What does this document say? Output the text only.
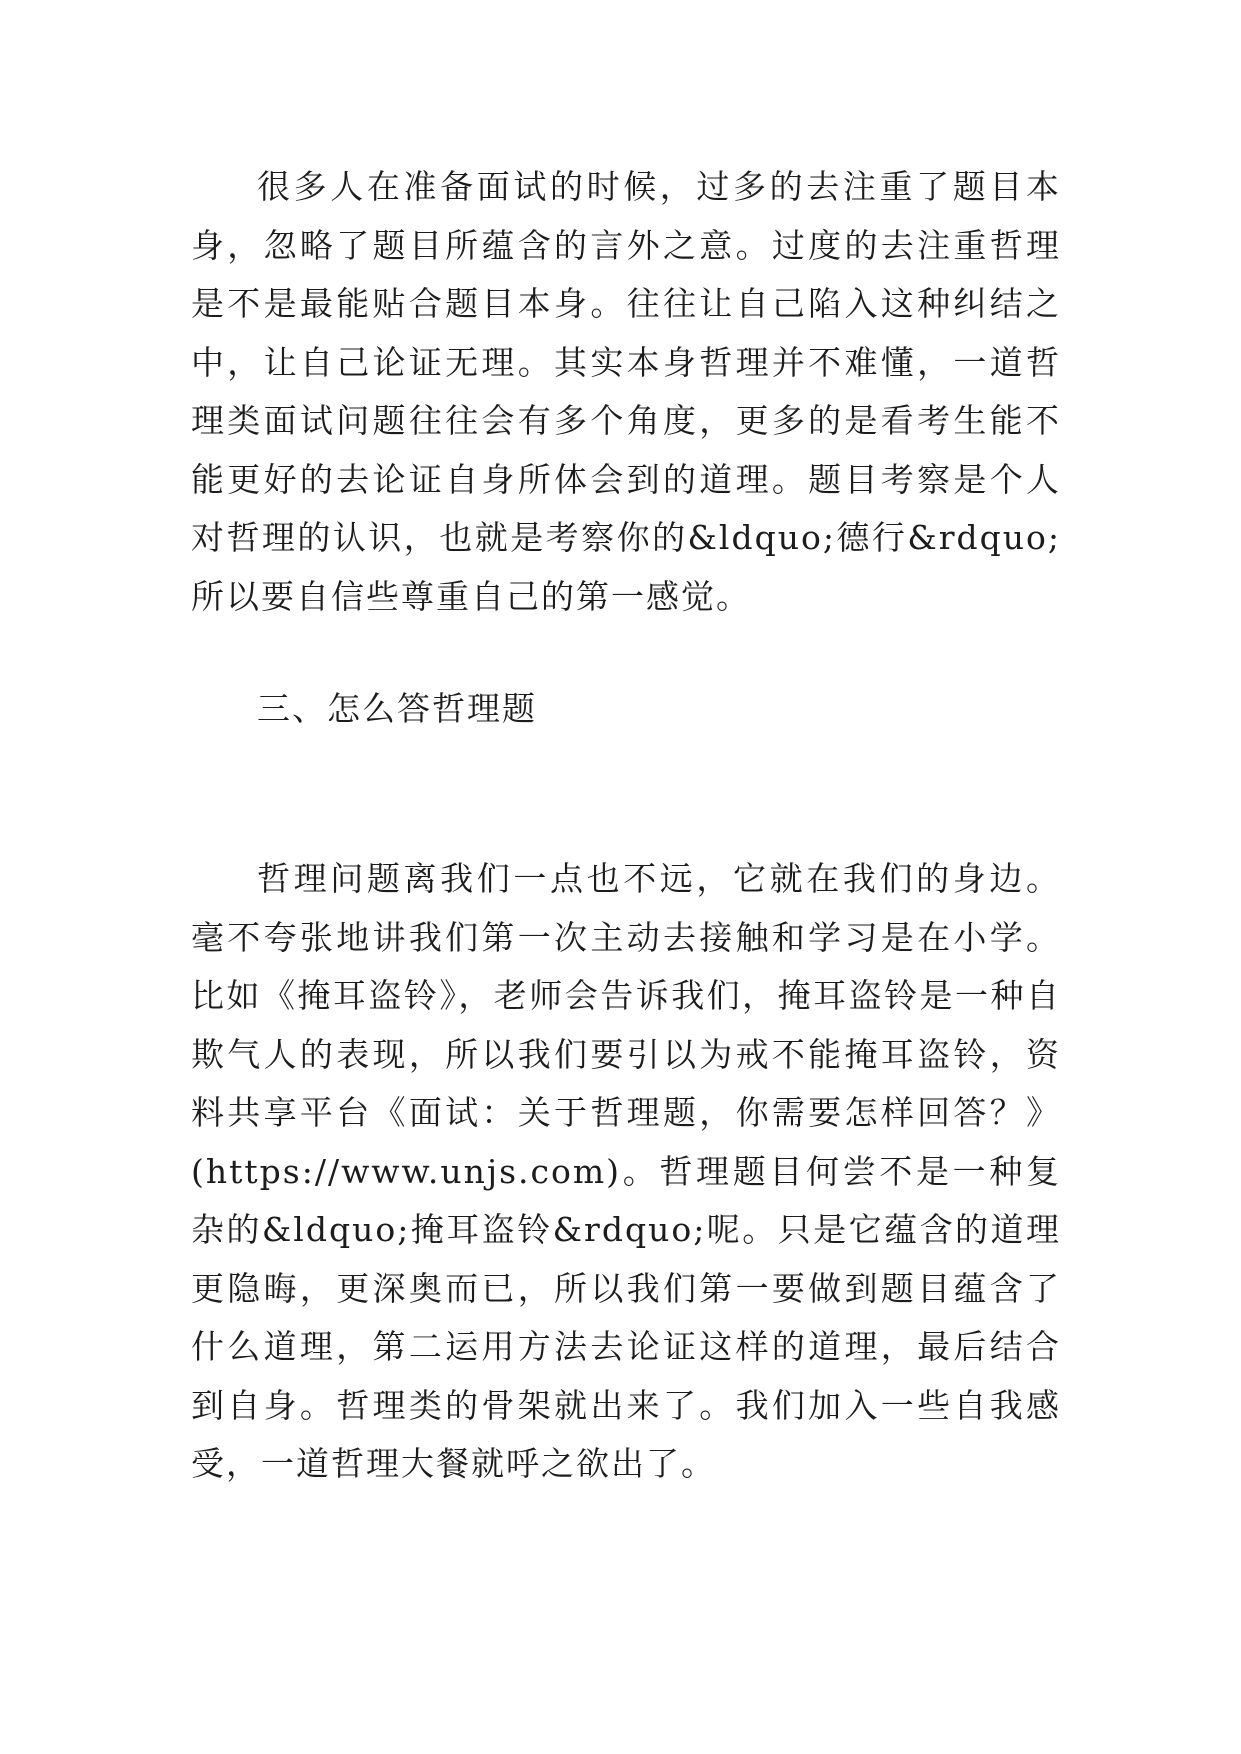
很多人在准备面试的时候，过多的去注重了题目本身，忽略了题目所蕴含的言外之意。过度的去注重哲理是不是最能贴合题目本身。往往让自己陷入这种纠结之中，让自己论证无理。其实本身哲理并不难懂，一道哲理类面试问题往往会有多个角度，更多的是看考生能不能更好的去论证自身所体会到的道理。题目考察是个人对哲理的认识，也就是考察你的&ldquo;德行&rdquo;所以要自信些尊重自己的第一感觉。

三、怎么答哲理题

哲理问题离我们一点也不远，它就在我们的身边。毫不夸张地讲我们第一次主动去接触和学习是在小学。比如《掩耳盗铃》，老师会告诉我们，掩耳盗铃是一种自欺气人的表现，所以我们要引以为戒不能掩耳盗铃，资料共享平台《面试：关于哲理题，你需要怎样回答？》(https://www.unjs.com)。哲理题目何尝不是一种复杂的&ldquo;掩耳盗铃&rdquo;呢。只是它蕴含的道理更隐晦，更深奥而已，所以我们第一要做到题目蕴含了什么道理，第二运用方法去论证这样的道理，最后结合到自身。哲理类的骨架就出来了。我们加入一些自我感受，一道哲理大餐就呼之欲出了。
